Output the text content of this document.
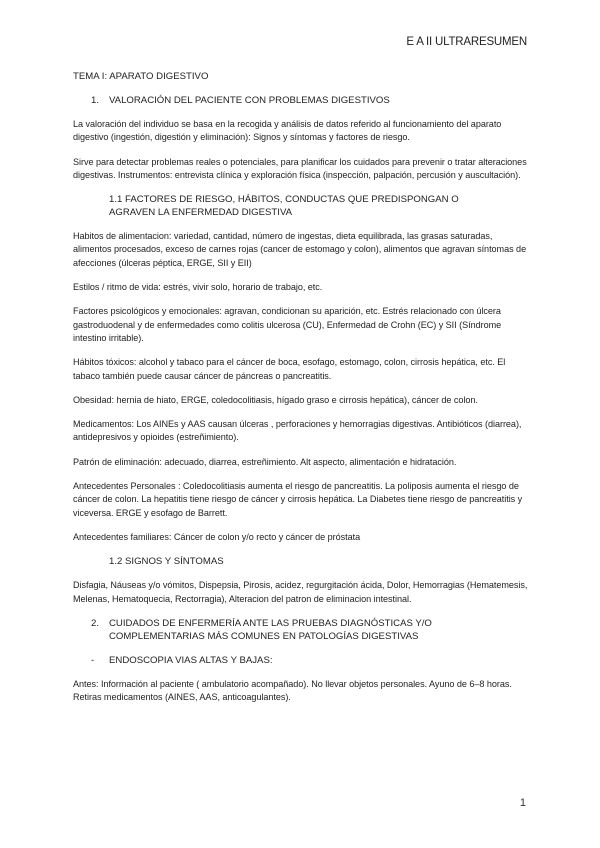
E A II ULTRARESUMEN

TEMA I: APARATO DIGESTIVO

1.	VALORACIÓN DEL PACIENTE CON PROBLEMAS DIGESTIVOS

La valoración del individuo se basa en la recogida y análisis de datos referido al funcionamiento del aparato digestivo (ingestión, digestión y eliminación): Signos y síntomas y factores de riesgo.

Sirve para detectar problemas reales o potenciales, para planificar los cuidados para prevenir o tratar alteraciones digestivas. Instrumentos: entrevista clínica y exploración física (inspección, palpación, percusión y auscultación).

1.1 FACTORES DE RIESGO, HÁBITOS, CONDUCTAS QUE PREDISPONGAN O AGRAVEN LA ENFERMEDAD DIGESTIVA

Habitos de alimentacion: variedad, cantidad, número de ingestas, dieta equilibrada, las grasas saturadas, alimentos procesados, exceso de carnes rojas (cancer de estomago y colon), alimentos que agravan síntomas de afecciones (úlceras péptica, ERGE, SII y EII)

Estilos / ritmo de vida: estrés, vivir solo, horario de trabajo, etc.

Factores psicológicos y emocionales: agravan, condicionan su aparición, etc. Estrés relacionado con úlcera gastroduodenal y de enfermedades como colitis ulcerosa (CU), Enfermedad de Crohn (EC) y SII (Síndrome intestino irritable).

Hábitos tóxicos: alcohol y tabaco para el cáncer de boca, esofago, estomago, colon, cirrosis hepática, etc. El tabaco también puede causar cáncer de páncreas o pancreatitis.

Obesidad: hernia de hiato, ERGE, coledocolitiasis, hígado graso e cirrosis hepática), cáncer de colon.

Medicamentos: Los AINEs y AAS causan úlceras , perforaciones y hemorragias digestivas. Antibióticos (diarrea), antidepresivos y opioides (estreñimiento).

Patrón de eliminación: adecuado, diarrea, estreñimiento. Alt aspecto, alimentación e hidratación.

Antecedentes Personales : Coledocolitiasis aumenta el riesgo de pancreatitis. La poliposis aumenta el riesgo de cáncer de colon. La hepatitis tiene riesgo de cáncer y cirrosis hepática. La Diabetes tiene riesgo de pancreatitis y viceversa. ERGE y esofago de Barrett.

Antecedentes familiares: Cáncer de colon y/o recto y cáncer de próstata

1.2 SIGNOS Y SÍNTOMAS

Disfagia, Náuseas y/o vómitos, Dispepsia, Pirosis, acidez, regurgitación ácida, Dolor, Hemorragias (Hematemesis, Melenas, Hematoquecia, Rectorragia), Alteracion del patron de eliminacion intestinal.

2.	CUIDADOS DE ENFERMERÍA ANTE LAS PRUEBAS DIAGNÓSTICAS Y/O COMPLEMENTARIAS MÁS COMUNES EN PATOLOGÍAS DIGESTIVAS
-	ENDOSCOPIA VIAS ALTAS Y BAJAS:

Antes: Información al paciente ( ambulatorio acompañado). No llevar objetos personales. Ayuno de 6–8 horas. Retiras medicamentos (AINES, AAS, anticoagulantes).

1
